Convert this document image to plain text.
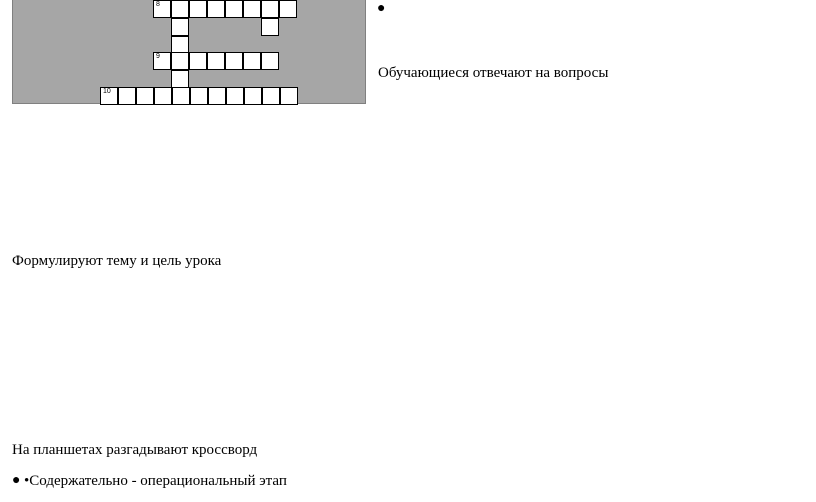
8
9
10
●
Обучающиеся отвечают на вопросы
Формулируют тему и цель урока
На планшетах разгадывают кроссворд
● •Содержательно - операциональный этап
